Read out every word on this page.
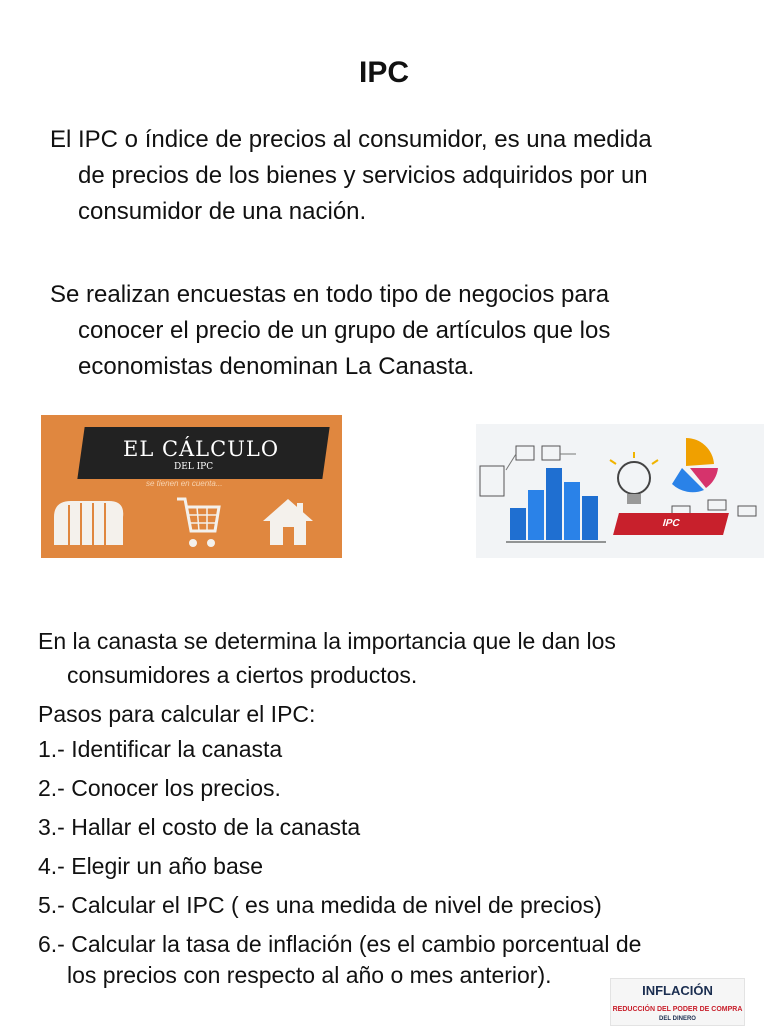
IPC
El IPC o índice de precios al consumidor, es una medida
de precios de los bienes y servicios adquiridos por un
consumidor de una nación.
Se realizan encuestas en todo tipo de negocios para
conocer el precio de un grupo de artículos que los
economistas denominan La Canasta.
EL CÁLCULO
DEL IPC
se tienen en cuenta...
IPC
En la canasta se determina la importancia que le dan los
consumidores a ciertos productos.
Pasos para calcular el IPC:
1.- Identificar la canasta
2.- Conocer los precios.
3.- Hallar el costo de la canasta
4.- Elegir un año base
5.- Calcular el IPC ( es una medida de nivel de precios)
6.- Calcular la tasa de inflación (es el cambio porcentual de
los precios con respecto al año o mes anterior).
INFLACIÓN
REDUCCIÓN DEL PODER DE COMPRA
DEL DINERO
